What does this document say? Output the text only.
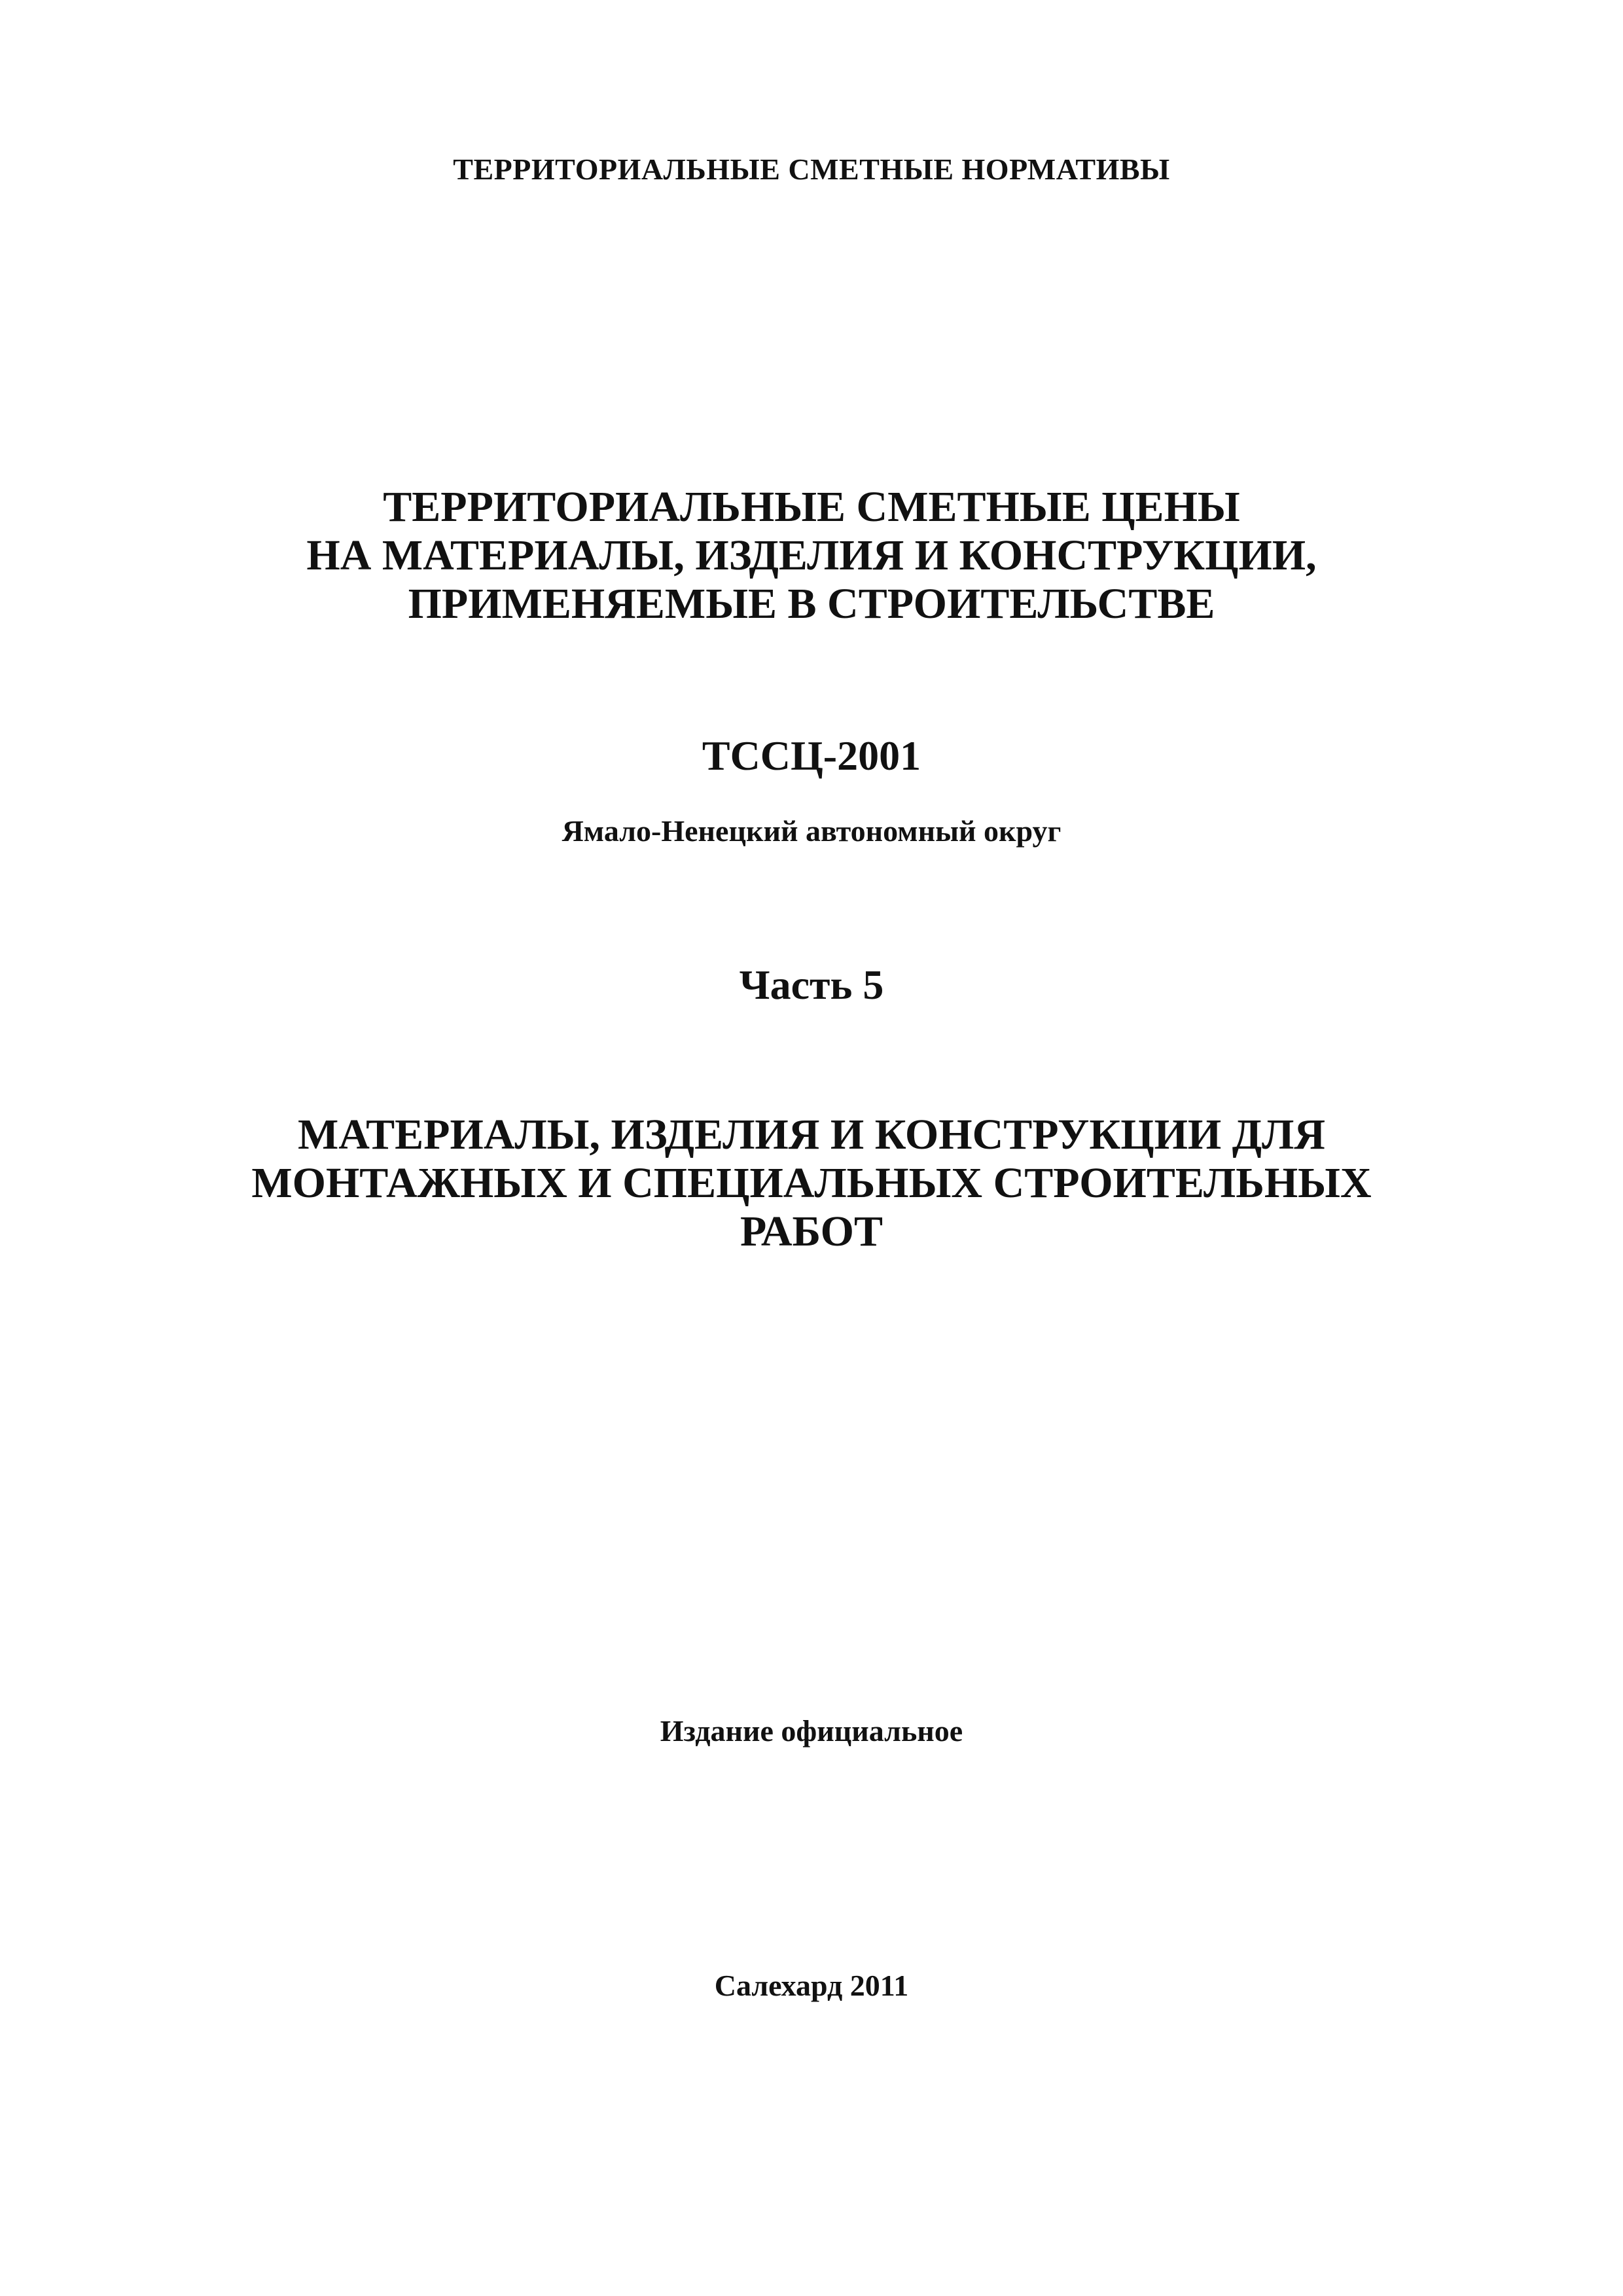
ТЕРРИТОРИАЛЬНЫЕ СМЕТНЫЕ НОРМАТИВЫ

ТЕРРИТОРИАЛЬНЫЕ СМЕТНЫЕ ЦЕНЫ
НА МАТЕРИАЛЫ, ИЗДЕЛИЯ И КОНСТРУКЦИИ,
ПРИМЕНЯЕМЫЕ В СТРОИТЕЛЬСТВЕ

ТССЦ-2001

Ямало-Ненецкий автономный округ

Часть 5

МАТЕРИАЛЫ, ИЗДЕЛИЯ И КОНСТРУКЦИИ ДЛЯ
МОНТАЖНЫХ И СПЕЦИАЛЬНЫХ СТРОИТЕЛЬНЫХ
РАБОТ

Издание официальное

Салехард 2011
